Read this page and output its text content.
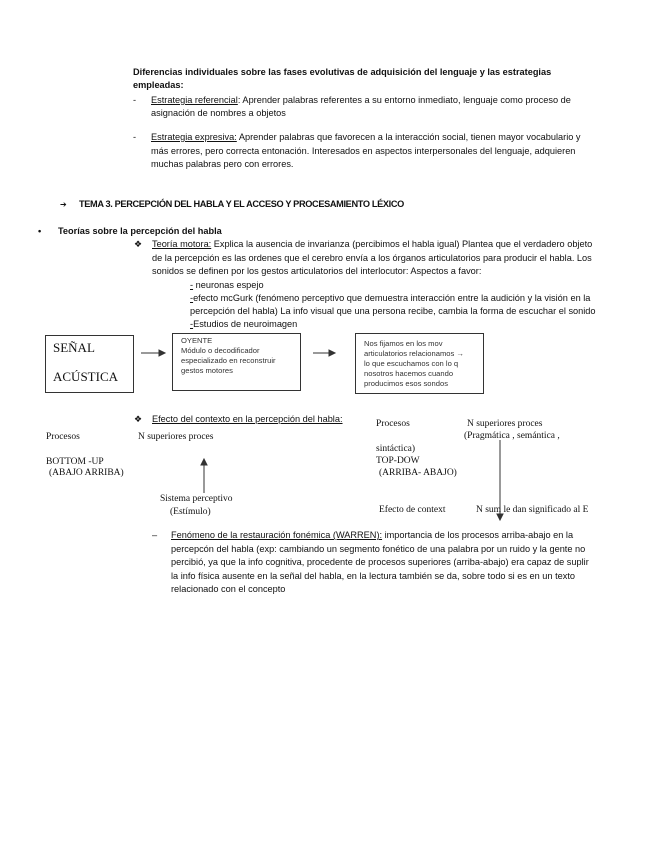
Diferencias individuales sobre las fases evolutivas de adquisición del lenguaje y las estrategias
empleadas:
- Estrategia referencial: Aprender palabras referentes a su entorno inmediato, lenguaje como proceso de
asignación de nombres a objetos
- Estrategia expresiva: Aprender palabras que favorecen a la interacción social, tienen mayor vocabulario y
más errores, pero correcta entonación. Interesados en aspectos interpersonales del lenguaje, adquieren
muchas palabras pero con errores.
➔ TEMA 3. PERCEPCIÓN DEL HABLA Y EL ACCESO Y PROCESAMIENTO LÉXICO
• Teorías sobre la percepción del habla
❖ Teoría motora: Explica la ausencia de invarianza (percibimos el habla igual) Plantea que el verdadero objeto
de la percepción es las ordenes que el cerebro envía a los órganos articulatorios para producir el habla. Los
sonidos se definen por los gestos articulatorios del interlocutor: Aspectos a favor:
- neuronas espejo
-efecto mcGurk (fenómeno perceptivo que demuestra interacción entre la audición y la visión en la
percepción del habla) La info visual que una persona recibe, cambia la forma de escuchar el sonido
-Estudios de neuroimagen
SEÑAL
ACÚSTICA
OYENTE
Módulo o decodificador
especializado en reconstruir
gestos motores
Nos fijamos en los mov
articulatorios relacionamos →
lo que escuchamos con lo q
nosotros hacemos cuando
producimos esos sondos
❖ Efecto del contexto en la percepción del habla:
Procesos	N superiores proces
BOTTOM -UP
(ABAJO ARRIBA)
Sistema perceptivo
(Estímulo)
Procesos	N superiores proces
(Pragmática , semántica ,
sintáctica)
TOP-DOW
(ARRIBA- ABAJO)
Efecto de context	N sum le dan significado al E
– Fenómeno de la restauración fonémica (WARREN): importancia de los procesos arriba-abajo en la
percepcón del habla (exp: cambiando un segmento fonético de una palabra por un ruido y la gente no
percibió, ya que la info cognitiva, procedente de procesos superiores (arriba-abajo) era capaz de suplir
la info física ausente en la señal del habla, en la lectura también se da, sobre todo si es en un texto
relacionado con el concepto
